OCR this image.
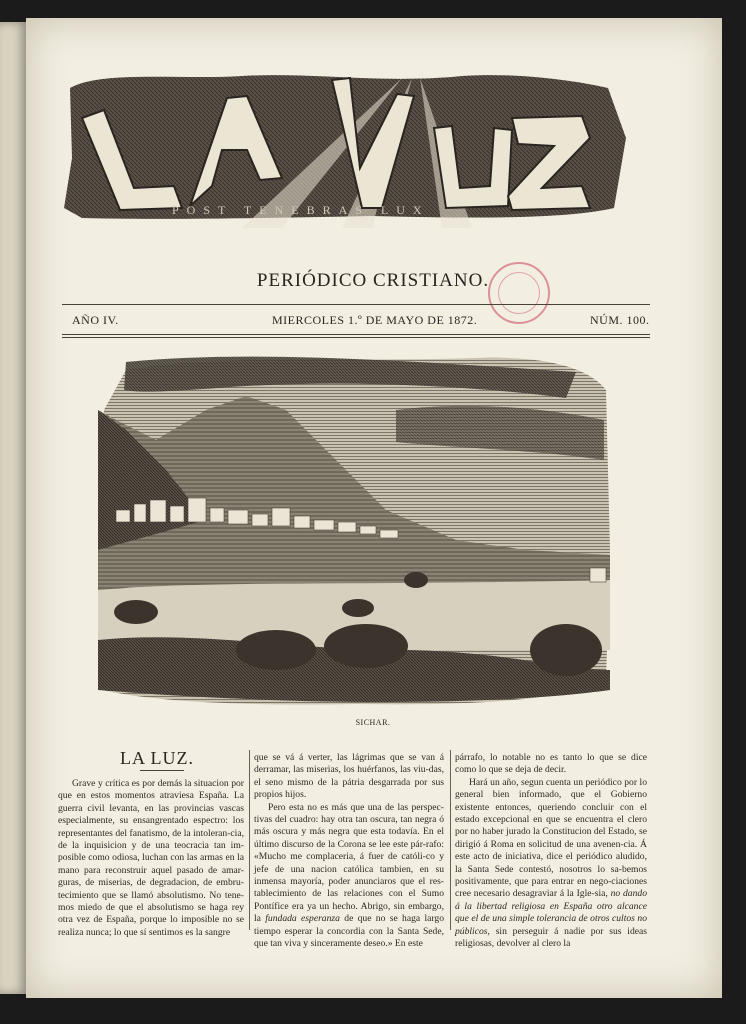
POST TENEBRAS LUX
PERIÓDICO CRISTIANO.
AÑO IV.	MIERCOLES 1.º DE MAYO DE 1872.	NÚM. 100.
SICHAR.
LA LUZ.

Grave y crítica es por demás la situacion por que en estos momentos atraviesa España. La guerra civil levanta, en las provincias vascas especialmente, su ensangrentado espectro: los representantes del fanatismo, de la intoleran-cia, de la inquisicion y de una teocracia tan im-posible como odiosa, luchan con las armas en la mano para reconstruir aquel pasado de amar-guras, de miserias, de degradacion, de embru-tecimiento que se llamó absolutismo. No tene-mos miedo de que el absolutismo se haga rey otra vez de España, porque lo imposible no se realiza nunca; lo que sí sentimos es la sangre

que se vá á verter, las lágrimas que se van á derramar, las miserias, los huérfanos, las viu-das, el seno mismo de la pátria desgarrada por sus propios hijos.

Pero esta no es más que una de las perspec-tivas del cuadro: hay otra tan oscura, tan negra ó más oscura y más negra que esta todavía. En el último discurso de la Corona se lee este pár-rafo: «Mucho me complaceria, á fuer de católi-co y jefe de una nacion católica tambien, en su inmensa mayoría, poder anunciaros que el res-tablecimiento de las relaciones con el Sumo Pontífice era ya un hecho. Abrigo, sin embargo, la fundada esperanza de que no se haga largo tiempo esperar la concordia con la Santa Sede, que tan viva y sinceramente deseo.» En este

párrafo, lo notable no es tanto lo que se dice como lo que se deja de decir.

Hará un año, segun cuenta un periódico por lo general bien informado, que el Gobierno existente entonces, queriendo concluir con el estado excepcional en que se encuentra el clero por no haber jurado la Constitucion del Estado, se dirigió á Roma en solicitud de una avenen-cia. Á este acto de iniciativa, dice el periódico aludido, la Santa Sede contestó, nosotros lo sa-bemos positivamente, que para entrar en nego-ciaciones cree necesario desagraviar á la Igle-sia, no dando á la libertad religiosa en España otro alcance que el de una simple tolerancia de otros cultos no públicos, sin perseguir á nadie por sus ideas religiosas, devolver al clero la
